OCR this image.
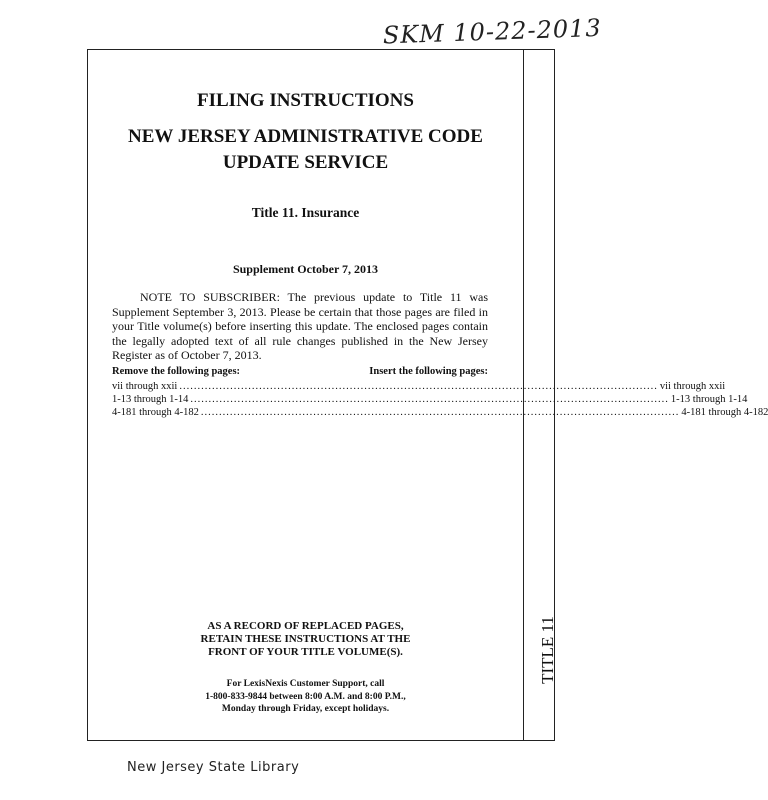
SKM 10-22-2013
TITLE 11
FILING INSTRUCTIONS
NEW JERSEY ADMINISTRATIVE CODE
UPDATE SERVICE

Title 11. Insurance

Supplement October 7, 2013

NOTE TO SUBSCRIBER: The previous update to Title 11 was Supplement September 3, 2013. Please be certain that those pages are filed in your Title volume(s) before inserting this update. The enclosed pages contain the legally adopted text of all rule changes published in the New Jersey Register as of October 7, 2013.

Remove the following pages:	Insert the following pages:
vii through xxii .................................................................................................................................... vii through xxii
1-13 through 1-14 .................................................................................................................................... 1-13 through 1-14
4-181 through 4-182 .................................................................................................................................... 4-181 through 4-182

AS A RECORD OF REPLACED PAGES,
RETAIN THESE INSTRUCTIONS AT THE
FRONT OF YOUR TITLE VOLUME(S).

For LexisNexis Customer Support, call
1-800-833-9844 between 8:00 A.M. and 8:00 P.M.,
Monday through Friday, except holidays.

New Jersey State Library
